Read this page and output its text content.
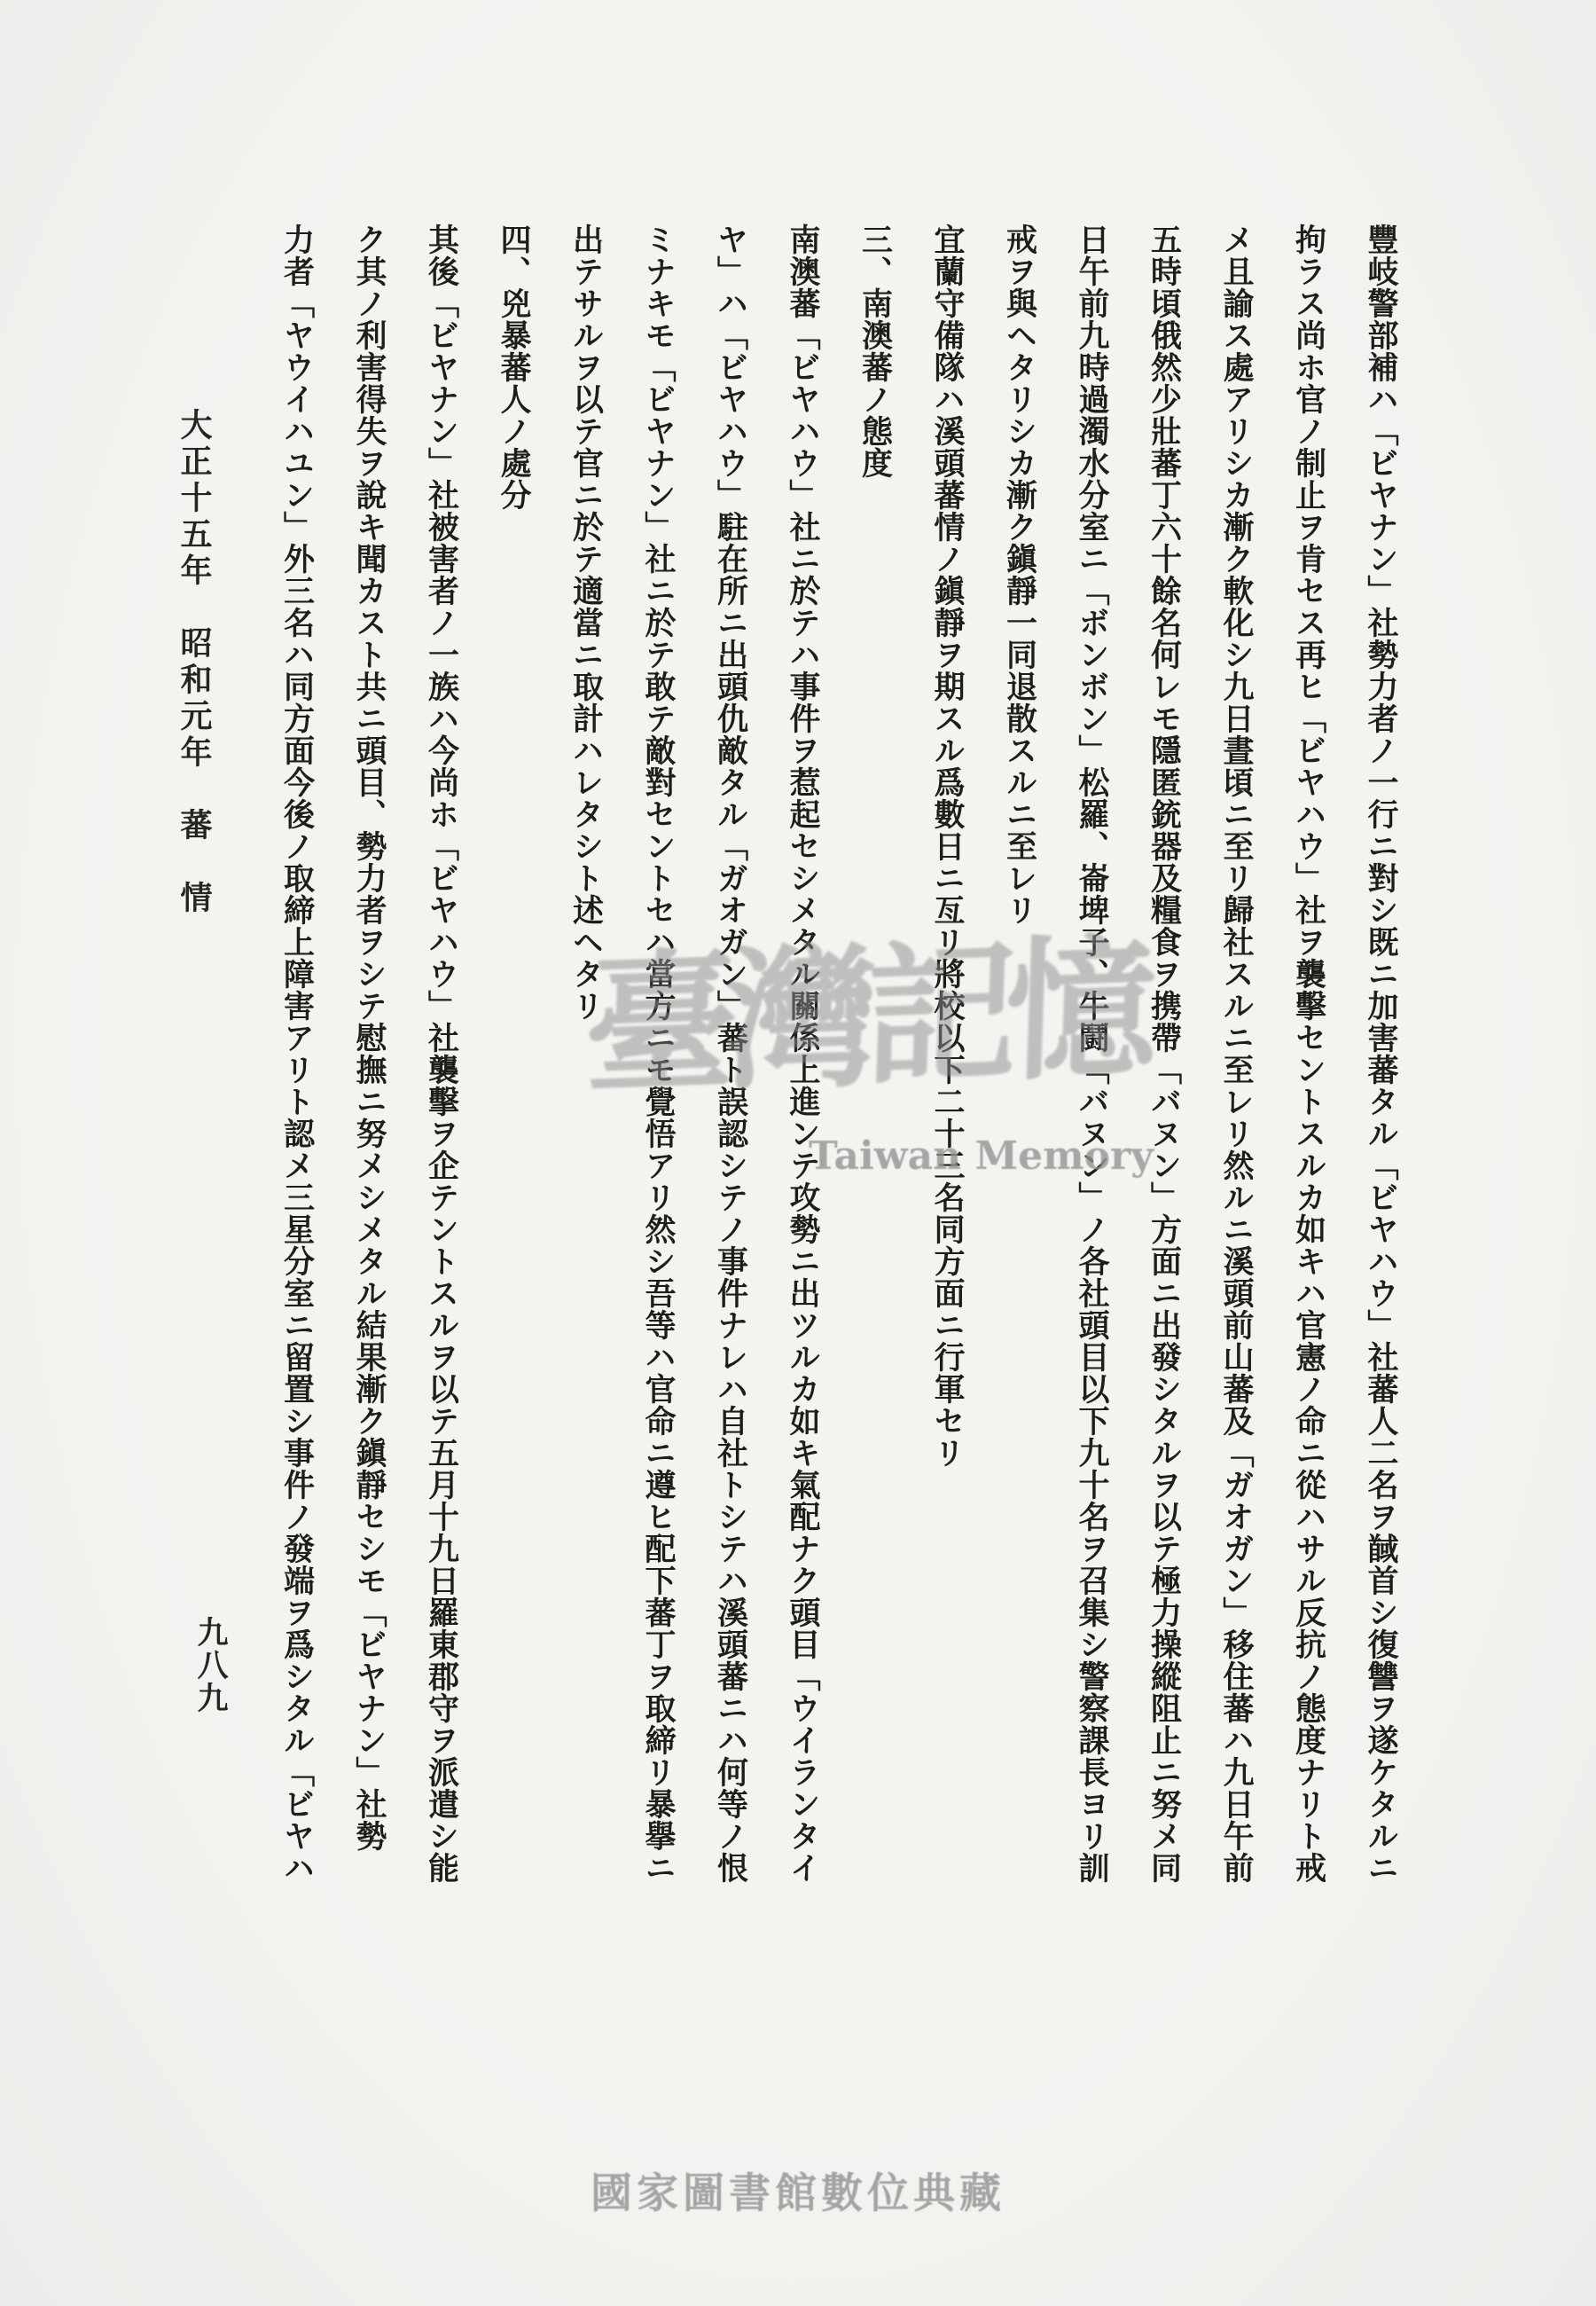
豐岐警部補ハ「ビヤナン」社勢力者ノ一行ニ對シ既ニ加害蕃タル「ビヤハウ」社蕃人二名ヲ馘首シ復讐ヲ遂ケタルニ
拘ラス尚ホ官ノ制止ヲ肯セス再ヒ「ビヤハウ」社ヲ襲擊セントスルカ如キハ官憲ノ命ニ從ハサル反抗ノ態度ナリト戒
メ且諭ス處アリシカ漸ク軟化シ九日晝頃ニ至リ歸社スルニ至レリ然ルニ溪頭前山蕃及「ガオガン」移住蕃ハ九日午前
五時頃俄然少壯蕃丁六十餘名何レモ隱匿銃器及糧食ヲ携帶「バヌン」方面ニ出發シタルヲ以テ極力操縱阻止ニ努メ同
日午前九時過濁水分室ニ「ボンボン」松羅、崙埤子、牛鬪「バヌン」ノ各社頭目以下九十名ヲ召集シ警察課長ヨリ訓
戒ヲ與ヘタリシカ漸ク鎭靜一同退散スルニ至レリ
宜蘭守備隊ハ溪頭蕃情ノ鎭靜ヲ期スル爲數日ニ亙リ將校以下二十三名同方面ニ行軍セリ
三、南澳蕃ノ態度
南澳蕃「ビヤハウ」社ニ於テハ事件ヲ惹起セシメタル關係上進ンテ攻勢ニ出ツルカ如キ氣配ナク頭目「ウイランタイ
ヤ」ハ「ビヤハウ」駐在所ニ出頭仇敵タル「ガオガン」蕃ト誤認シテノ事件ナレハ自社トシテハ溪頭蕃ニハ何等ノ恨
ミナキモ「ビヤナン」社ニ於テ敢テ敵對セントセハ當方ニモ覺悟アリ然シ吾等ハ官命ニ遵ヒ配下蕃丁ヲ取締リ暴擧ニ
出テサルヲ以テ官ニ於テ適當ニ取計ハレタシト述ヘタリ
四、兇暴蕃人ノ處分
其後「ビヤナン」社被害者ノ一族ハ今尚ホ「ビヤハウ」社襲擊ヲ企テントスルヲ以テ五月十九日羅東郡守ヲ派遣シ能
ク其ノ利害得失ヲ說キ聞カスト共ニ頭目、勢力者ヲシテ慰撫ニ努メシメタル結果漸ク鎭靜セシモ「ビヤナン」社勢
力者「ヤウイハユン」外三名ハ同方面今後ノ取締上障害アリト認メ三星分室ニ留置シ事件ノ發端ヲ爲シタル「ビヤハ
大正十五年　昭和元年　蕃　情
九八九
臺灣記憶
Taiwan Memory
國家圖書館數位典藏
